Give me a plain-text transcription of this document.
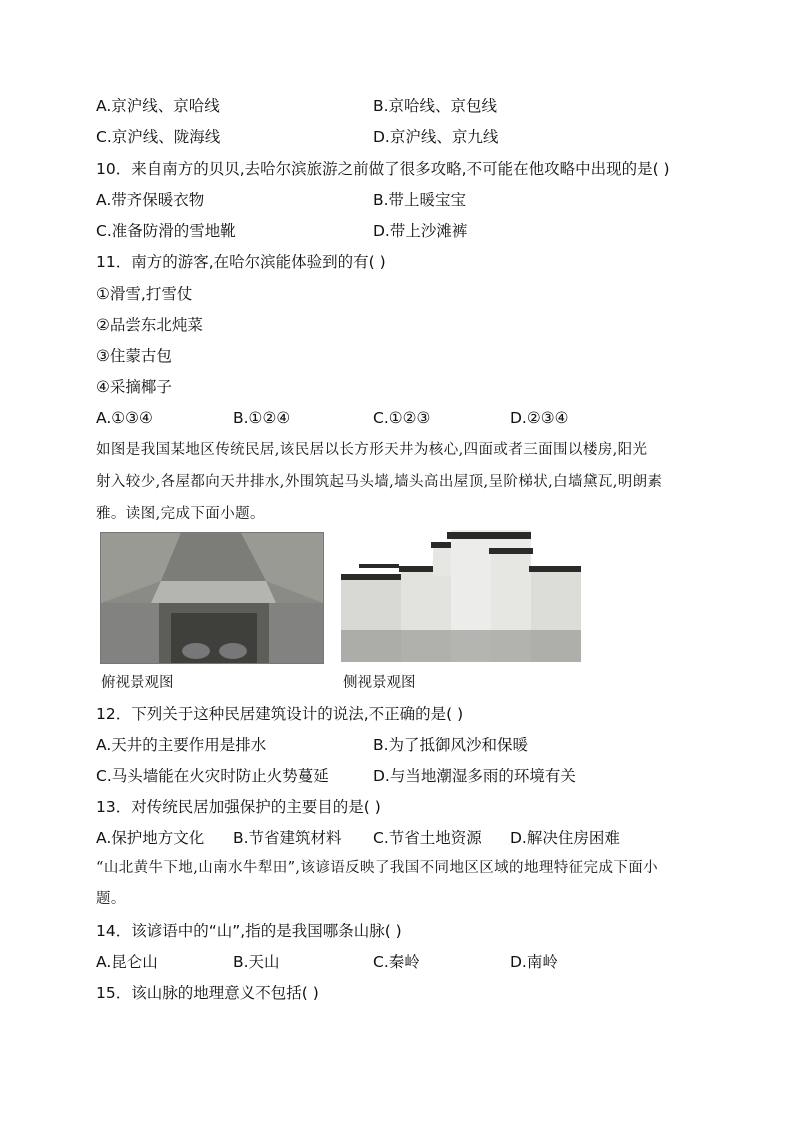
A.京沪线、京哈线	B.京哈线、京包线
C.京沪线、陇海线	D.京沪线、京九线
10．来自南方的贝贝,去哈尔滨旅游之前做了很多攻略,不可能在他攻略中出现的是( )
A.带齐保暖衣物	B.带上暖宝宝
C.准备防滑的雪地靴	D.带上沙滩裤
11．南方的游客,在哈尔滨能体验到的有( )
①滑雪,打雪仗
②品尝东北炖菜
③住蒙古包
④采摘椰子
A.①③④	B.①②④	C.①②③	D.②③④
如图是我国某地区传统民居,该民居以长方形天井为核心,四面或者三面围以楼房,阳光
射入较少,各屋都向天井排水,外围筑起马头墙,墙头高出屋顶,呈阶梯状,白墙黛瓦,明朗素
雅。读图,完成下面小题。
俯视景观图	侧视景观图
12．下列关于这种民居建筑设计的说法,不正确的是( )
A.天井的主要作用是排水	B.为了抵御风沙和保暖
C.马头墙能在火灾时防止火势蔓延	D.与当地潮湿多雨的环境有关
13．对传统民居加强保护的主要目的是( )
A.保护地方文化 B.节省建筑材料 C.节省土地资源 D.解决住房困难
“山北黄牛下地,山南水牛犁田”,该谚语反映了我国不同地区区域的地理特征完成下面小
题。
14．该谚语中的“山”,指的是我国哪条山脉( )
A.昆仑山	B.天山	C.秦岭	D.南岭
15．该山脉的地理意义不包括( )
